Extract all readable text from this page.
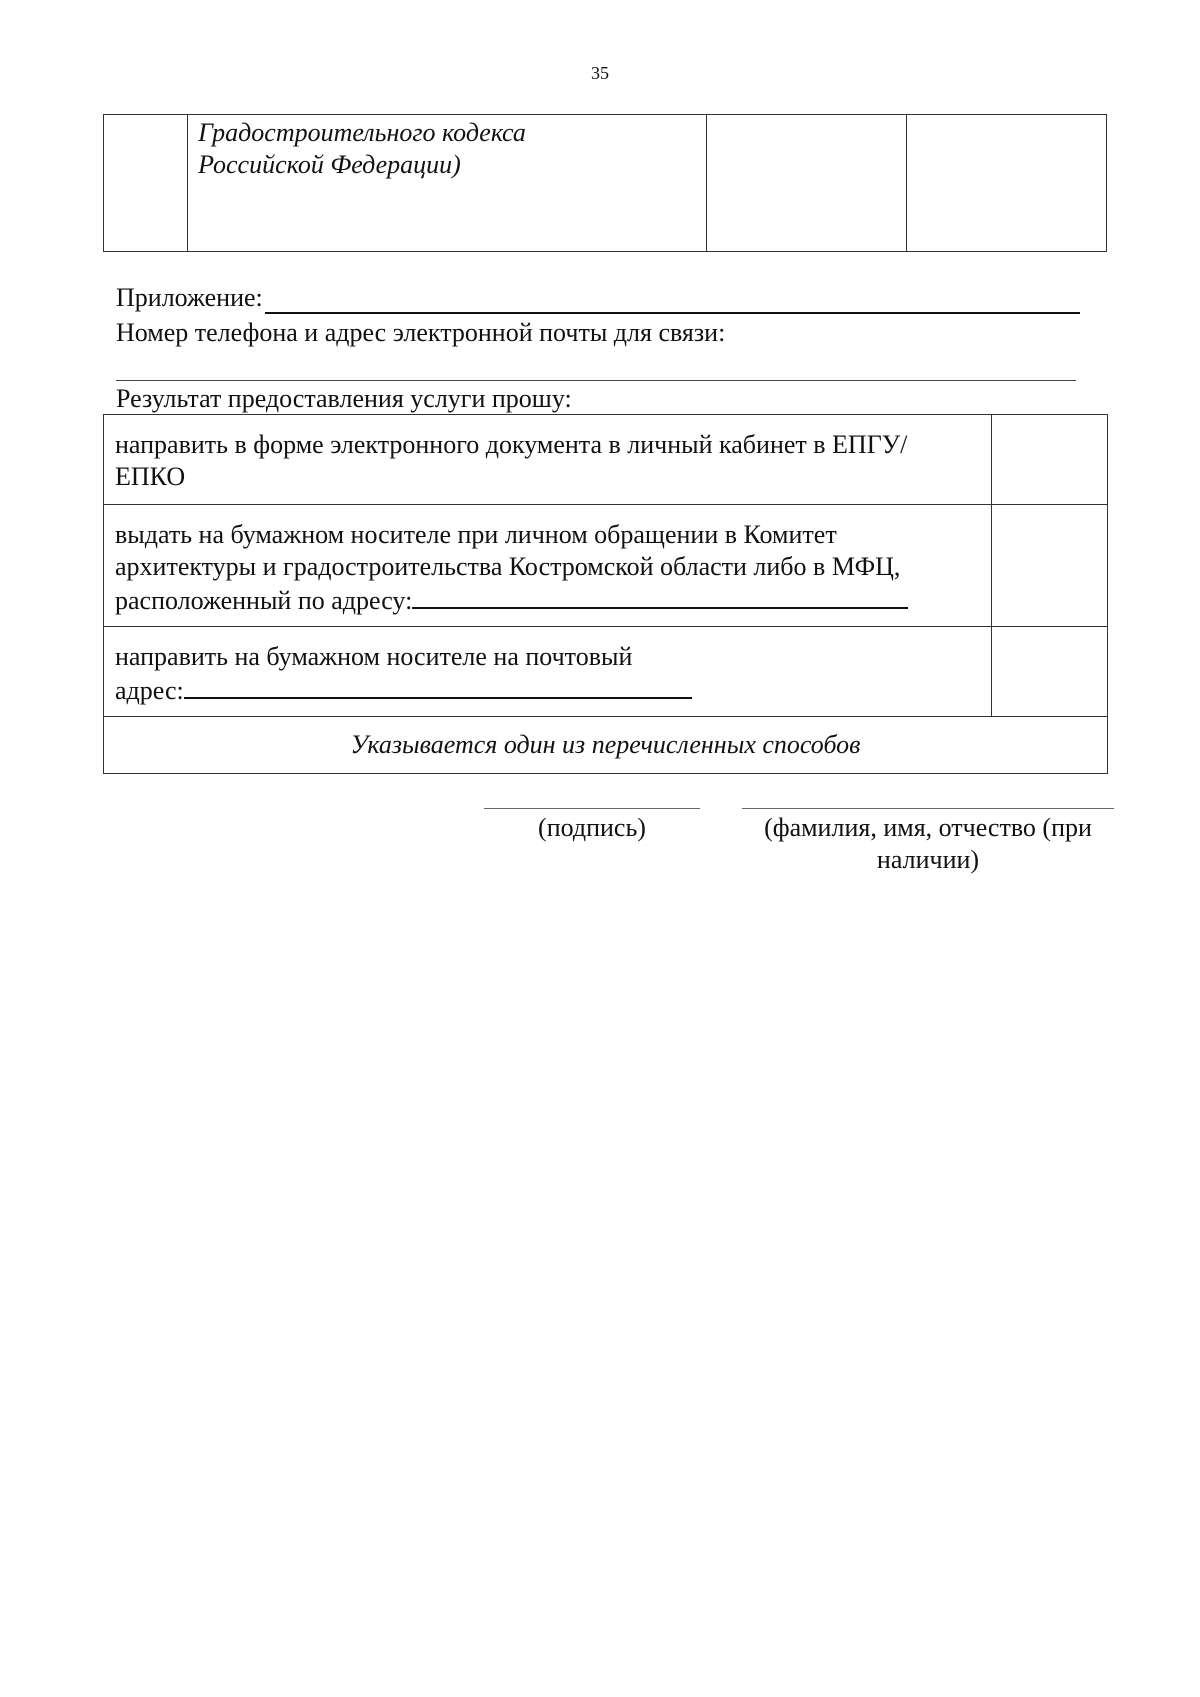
35

Градостроительного кодекса
Российской Федерации)

Приложение:
Номер телефона и адрес электронной почты для связи:
Результат предоставления услуги прошу:
направить в форме электронного документа в личный кабинет в ЕПГУ/
ЕПКО	

выдать на бумажном носителе при личном обращении в Комитет
архитектуры и градостроительства Костромской области либо в МФЦ,
расположенный по адресу:	

направить на бумажном носителе на почтовый
адрес:	

Указывается один из перечисленных способов	
(подпись)	(фамилия, имя, отчество (при
наличии)
